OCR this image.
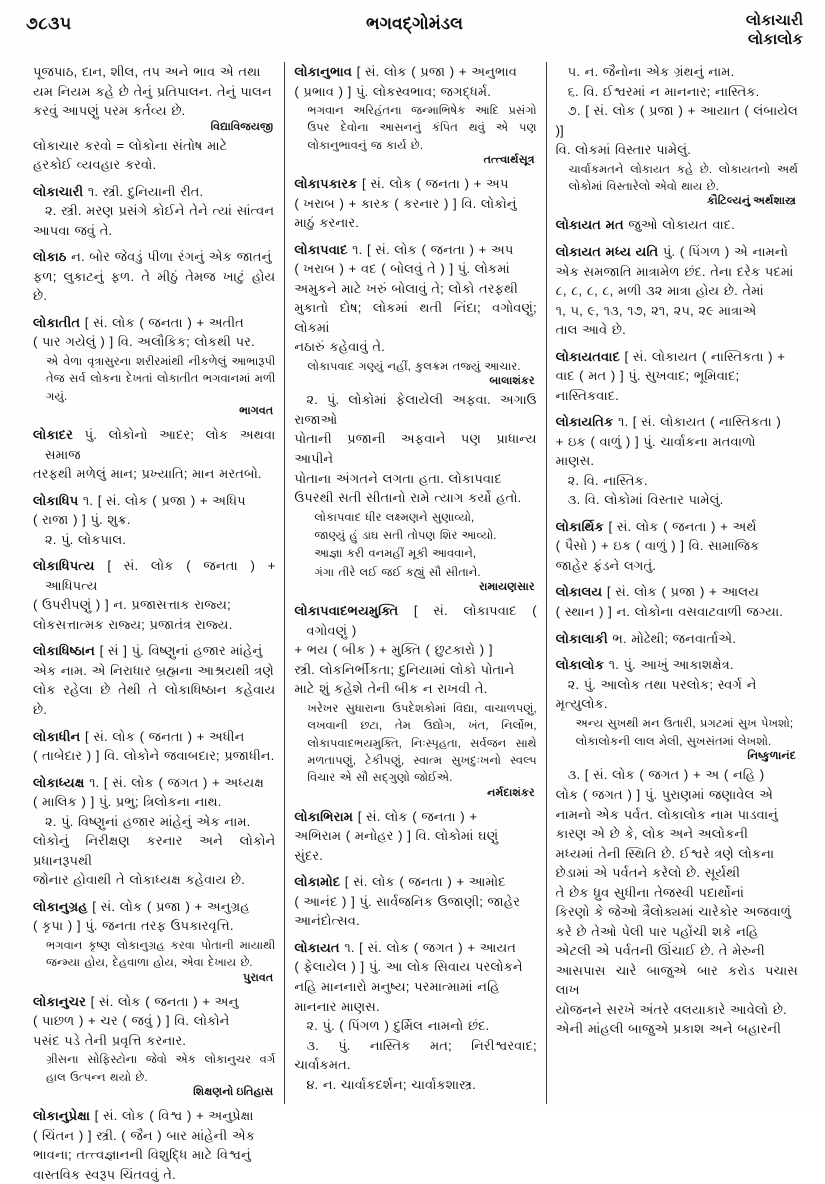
૭૮૩૫	ભગવદ્‌ગોમંડલ	લોકાચારી
લોકાલોક

પૂજપાઠ, દાન, શીલ, તપ અને ભાવ એ તથા

યમ નિયમ કહે છે તેનું પ્રતિપાલન. તેનું પાલન

કરવું આપણું પરમ કર્તવ્ય છે.

વિદ્યાવિજયજી

લોકાચાર કરવો = લોકોના સંતોષ માટે

હરકોઈ વ્યવહાર કરવો.

લોકાચારી ૧. સ્ત્રી. દુનિયાની રીત.

૨. સ્ત્રી. મરણ પ્રસંગે કોઈને તેને ત્યાં સાંત્વન

આપવા જવું તે.

લોકાઠ ન. બોર જેવડું પીળા રંગનું એક જાતનું

ફળ; લુકાટનું ફળ. તે મીઠું તેમજ ખાટું હોય છે.

લોકાતીત [ સં. લોક ( જનતા ) + અતીત

( પાર ગયેલું ) ] વિ. અલૌકિક; લોકથી પર.

એ વેળા વૃત્રાસુરના શરીરમાંથી નીકળેલું આભારૂપી તેજ સર્વ લોકના દેખતાં લોકાતીત ભગવાનમાં મળી ગયું.

ભાગવત

લોકાદર પું. લોકોનો આદર; લોક અથવા સમાજ

તરફથી મળેલું માન; પ્રખ્યાતિ; માન મરતબો.

લોકાધિપ ૧. [ સં. લોક ( પ્રજા ) + અધિપ

( રાજા ) ] પું. શુક્ર.

૨. પું. લોકપાલ.

લોકાધિપત્ય [ સં. લોક ( જનતા ) + આધિપત્ય

( ઉપરીપણું ) ] ન. પ્રજાસત્તાક રાજ્ય;

લોકસત્તાત્મક રાજ્ય; પ્રજાતંત્ર રાજ્ય.

લોકાધિષ્ઠાન [ સં ] પું. વિષ્ણુનાં હજાર માંહેનું

એક નામ. એ નિરાધાર બ્રહ્મના આશ્રયથી ત્રણે

લોક રહેલા છે તેથી તે લોકાધિષ્ઠાન કહેવાય છે.

લોકાધીન [ સં. લોક ( જનતા ) + અધીન

( તાબેદાર ) ] વિ. લોકોને જવાબદાર; પ્રજાધીન.

લોકાધ્યક્ષ ૧. [ સં. લોક ( જગત ) + અધ્યક્ષ

( માલિક ) ] પું. પ્રભુ; ત્રિલોકના નાથ.

૨. પું. વિષ્ણુનાં હજાર માંહેનું એક નામ.

લોકોનું નિરીક્ષણ કરનાર અને લોકોને પ્રધાનરૂપથી

જોનાર હોવાથી તે લોકાધ્યક્ષ કહેવાય છે.

લોકાનુગ્રહ [ સં. લોક ( પ્રજા ) + અનુગ્રહ

( કૃપા ) ] પું. જનતા તરફ ઉપકારવૃત્તિ.

ભગવાન કૃષ્ણ લોકાનુગ્રહ કરવા પોતાની માયાથી જન્મ્યા હોય, દેહવાળા હોય, એવા દેખાય છે.

પુરાવત

લોકાનુચર [ સં. લોક ( જનતા ) + અનુ

( પાછળ ) + ચર ( જવું ) ] વિ. લોકોને

પસંદ પડે તેની પ્રવૃત્તિ કરનાર.

ગ્રીસના સોફિસ્ટોના જેવો એક લોકાનુચર વર્ગ હાલ ઉત્પન્ન થયો છે.

શિક્ષણનો ઇતિહાસ

લોકાનુપ્રેક્ષા [ સં. લોક ( વિશ્વ ) + અનુપ્રેક્ષા

( ચિંતન ) ] સ્ત્રી. ( જૈન ) બાર માંહેની એક

ભાવના; તત્ત્વજ્ઞાનની વિશુદ્ધિ માટે વિશ્વનું

વાસ્તવિક સ્વરૂપ ચિંતવવું તે.

લોકાનુભાવ [ સં. લોક ( પ્રજા ) + અનુભાવ

( પ્રભાવ ) ] પું. લોકસ્વભાવ; જગદ્ધર્મ.

ભગવાન અરિહંતના જન્માભિષેક આદિ પ્રસંગો ઉપર દેવોના આસનનું કંપિત થવું એ પણ લોકાનુભાવનું જ કાર્ય છે.

તત્ત્વાર્થસૂત્ર

લોકાપકારક [ સં. લોક ( જનતા ) + અપ

( ખરાબ ) + કારક ( કરનાર ) ] વિ. લોકોનું

માઠું કરનાર.

લોકાપવાદ ૧. [ સં. લોક ( જનતા ) + અપ

( ખરાબ ) + વદ ( બોલવું તે ) ] પું. લોકમાં

અમુકને માટે ખરું બોલાવું તે; લોકો તરફથી

મુકાતો દોષ; લોકમાં થતી નિંદા; વગોવણું; લોકમાં

નઠારું કહેવાવું તે.

લોકાપવાદ ગણ્યું નહીં, કુલક્રમ તજ્યું આચાર.

બાલાશંકર

૨. પું. લોકોમાં ફેલાયેલી અફવા. અગાઉ રાજાઓ

પોતાની પ્રજાની અફવાને પણ પ્રાધાન્ય આપીને

પોતાના અંગતને લગતા હતા. લોકાપવાદ

ઉપરથી સતી સીતાનો રામે ત્યાગ કર્યો હતો.

લોકાપવાદ ધીર લક્ષ્મણને સુણાવ્યો,

જાણ્યું હું ડાઘ સતી તોપણ શિર આવ્યો.

આજ્ઞા કરી વનમહીં મૂકી આવવાને,

ગંગા તીરે લઈ જઈ કહ્યું સૌ સીતાને.

રામાયણસાર

લોકાપવાદભયમુક્તિ [ સં. લોકાપવાદ ( વગોવણું )

+ ભય ( બીક ) + મુક્તિ ( છુટકારો ) ]

સ્ત્રી. લોકનિર્ભીકતા; દુનિયામાં લોકો પોતાને

માટે શું કહેશે તેની બીક ન રાખવી તે.

ખરેખર સુધારાના ઉપદેશકોમાં વિદ્યા, વાચાળપણું, લખવાની છટા, તેમ ઉદ્યોગ, ખંત, નિર્લોભ, લોકાપવાદભયમુક્તિ, નિઃસ્પૃહતા, સર્વજન સાથે મળતાપણું, ટેકીપણું, સ્વાત્મ સુખદુઃખનો સ્વલ્પ વિચાર એ સૌ સદ્‌ગુણો જોઈએ.

નર્મદાશંકર

લોકાભિરામ [ સં. લોક ( જનતા ) +

અભિરામ ( મનોહર ) ] વિ. લોકોમાં ઘણું

સુંદર.

લોકામોદ [ સં. લોક ( જનતા ) + આમોદ

( આનંદ ) ] પું. સાર્વજનિક ઉજાણી; જાહેર

આનંદોત્સવ.

લોકાયત ૧. [ સં. લોક ( જગત ) + આયત

( ફેલાયેલ ) ] પું. આ લોક સિવાય પરલોકને

નહિ માનનારો મનુષ્ય; પરમાત્મામાં નહિ

માનનાર માણસ.

૨. પું. ( પિંગળ ) દુર્મિલ નામનો છંદ.

૩. પું. નાસ્તિક મત; નિરીશ્વરવાદ; ચાર્વાકમત.

૪. ન. ચાર્વાકદર્શન; ચાર્વાકશાસ્ત્ર.

૫. ન. જૈનોના એક ગ્રંથનું નામ.

૬. વિ. ઈશ્વરમાં ન માનનાર; નાસ્તિક.

૭. [ સં. લોક ( પ્રજા ) + આયાત ( લંબાયેલ )]

વિ. લોકમાં વિસ્તાર પામેલું.

ચાર્વાકમતને લોકાયત કહે છે. લોકાયતનો અર્થ લોકોમાં વિસ્તારેલો એવો થાય છે.

કૌટિલ્યનું અર્થશાસ્ત્ર

લોકાયત મત જુઓ લોકાયત વાદ.

લોકાયત મધ્ય યતિ પું. ( પિંગળ ) એ નામનો

એક સમજાતિ માત્રામેળ છંદ. તેના દરેક પદમાં

૮, ૮, ૮, ૮, મળી ૩૨ માત્રા હોય છે. તેમાં

૧, ૫, ૯, ૧૩, ૧૭, ૨૧, ૨૫, ૨૯ માત્રાએ

તાલ આવે છે.

લોકાયતવાદ [ સં. લોકાયત ( નાસ્તિકતા ) +

વાદ ( મત ) ] પું. સુખવાદ; ભૂમિવાદ;

નાસ્તિકવાદ.

લોકાયતિક ૧. [ સં. લોકાયત ( નાસ્તિકતા )

+ ઇક ( વાળું ) ] પું. ચાર્વાકના મતવાળો

માણસ.

૨. વિ. નાસ્તિક.

૩. વિ. લોકોમાં વિસ્તાર પામેલું.

લોકાર્થિક [ સં. લોક ( જનતા ) + અર્થ

( પૈસો ) + ઇક ( વાળું ) ] વિ. સામાજિક

જાહેર ફંડને લગતું.

લોકાલય [ સં. લોક ( પ્રજા ) + આલય

( સ્થાન ) ] ન. લોકોના વસવાટવાળી જગ્યા.

લોકાલાકી ભ. મોઢેથી; જનવાર્તાએ.

લોકાલોક ૧. પું. આખું આકાશક્ષેત્ર.

૨. પું. આલોક તથા પરલોક; સ્વર્ગ ને

મૃત્યુલોક.

અન્ય સુખથી મન ઉતારી, પ્રગટમાં સુખ પેખશો;

લોકાલોકની લાલ મેલી, સુખસંતમાં લેખશો.

નિષ્કુળાનંદ

૩. [ સં. લોક ( જગત ) + અ ( નહિ )

લોક ( જગત ) ] પું. પુરાણમાં જણાવેલ એ

નામનો એક પર્વત. લોકાલોક નામ પાડવાનું

કારણ એ છે કે, લોક અને અલોકની

મધ્યમાં તેની સ્થિતિ છે. ઈશ્વરે ત્રણે લોકના

છેડામાં એ પર્વતને કરેલો છે. સૂર્યથી

તે છેક ધ્રુવ સુધીના તેજસ્વી પદાર્થોનાં

કિરણો કે જેઓ ત્રૈલોક્યમાં ચારેકોર અજવાળું

કરે છે તેઓ પેલી પાર પહોંચી શકે નહિ

એટલી એ પર્વતની ઊંચાઈ છે. તે મેરુની

આસપાસ ચારે બાજુએ બાર કરોડ પચાસ લાખ

યોજનને સરખે અંતરે વલયાકારે આવેલો છે.

એની માંહલી બાજુએ પ્રકાશ અને બહારની
